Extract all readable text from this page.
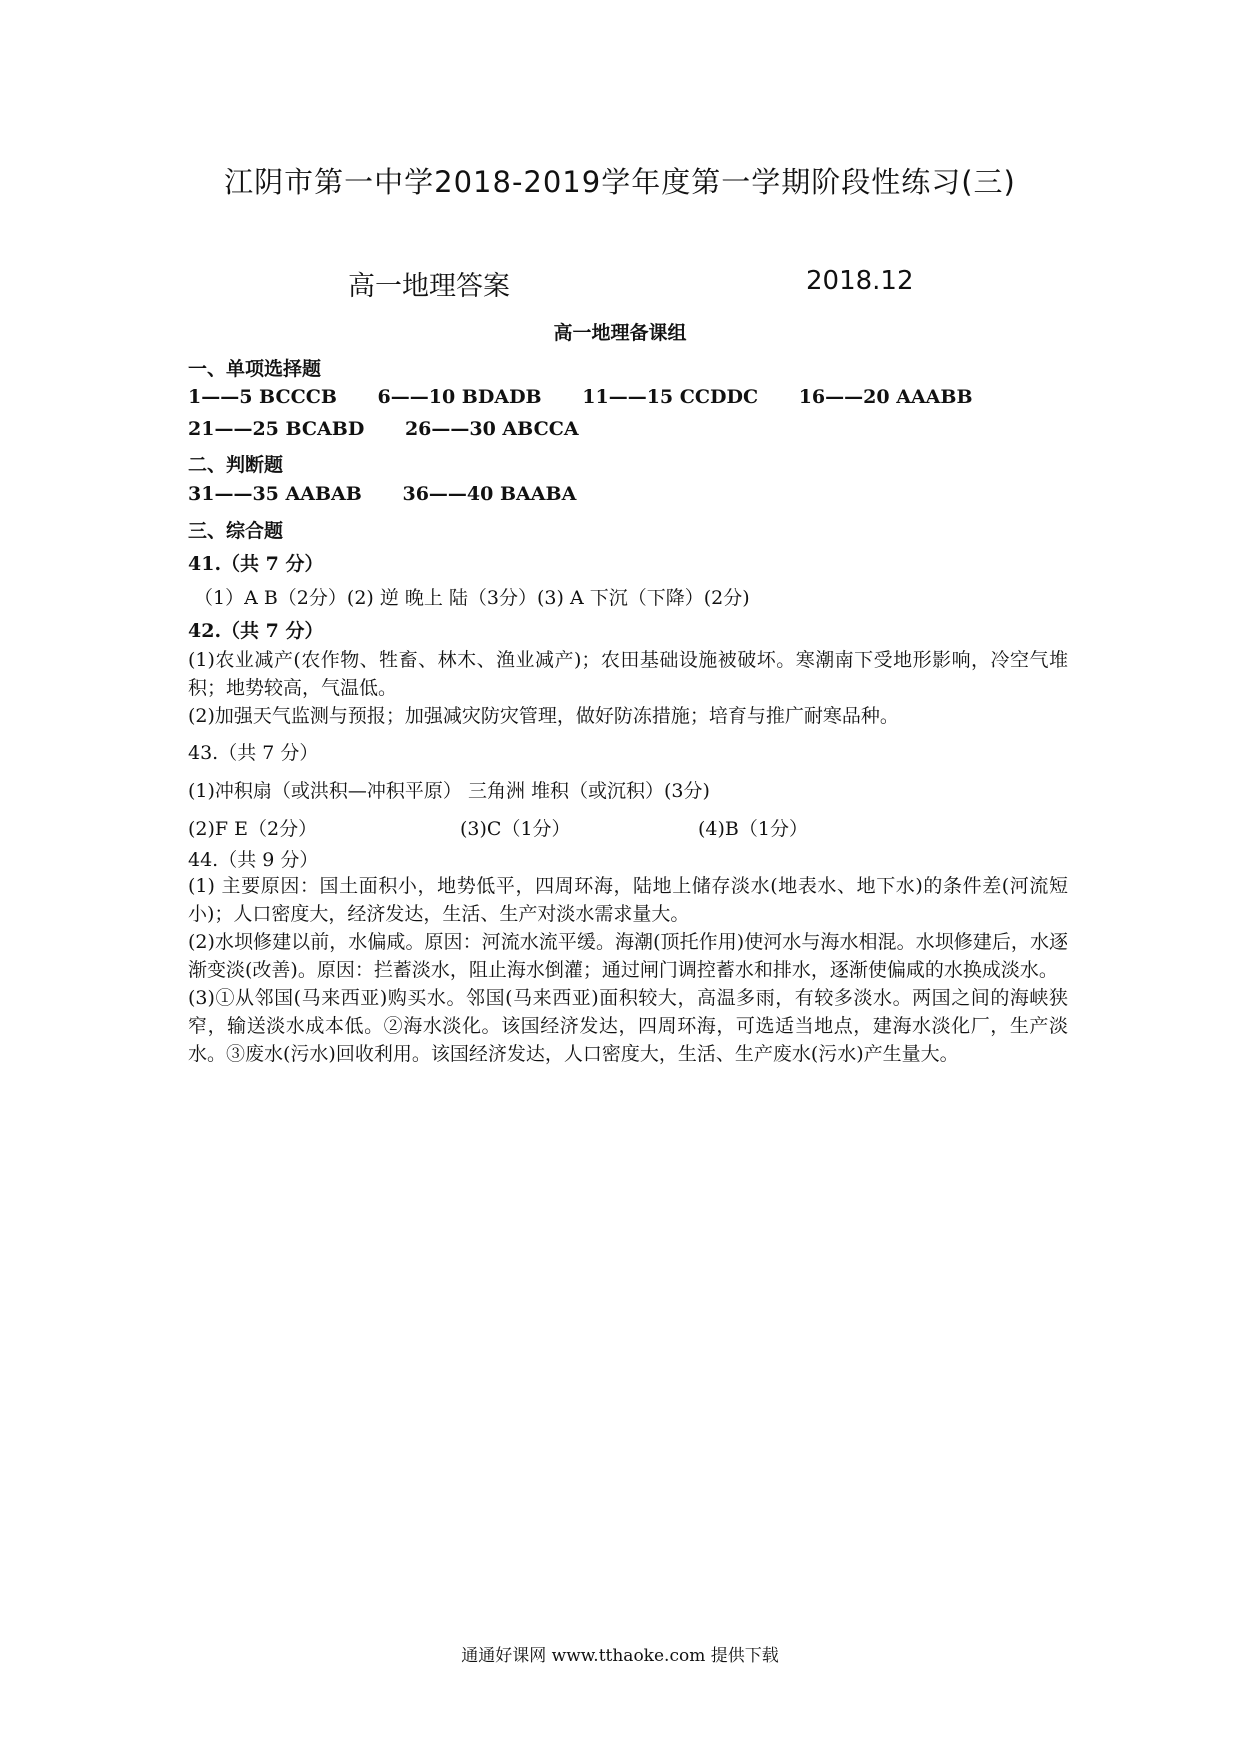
江阴市第一中学2018-2019学年度第一学期阶段性练习(三)
高一地理答案	2018.12
高一地理备课组
一、单项选择题
1——5 BCCCB 6——10 BDADB 11——15 CCDDC 16——20 AAABB
21——25 BCABD 26——30 ABCCA
二、判断题
31——35 AABAB 36——40 BAABA
三、综合题
41.（共 7 分）
（1）A B（2分）(2) 逆 晚上 陆（3分）(3) A 下沉（下降）(2分)
42.（共 7 分）

(1)农业减产(农作物、牲畜、林木、渔业减产)；农田基础设施被破坏。寒潮南下受地形影响，冷空气堆积；地势较高，气温低。

(2)加强天气监测与预报；加强减灾防灾管理，做好防冻措施；培育与推广耐寒品种。

43.（共 7 分）
(1)冲积扇（或洪积—冲积平原） 三角洲 堆积（或沉积）(3分)
(2)F E（2分）	(3)C（1分）	(4)B（1分）
44.（共 9 分）

(1) 主要原因：国土面积小，地势低平，四周环海，陆地上储存淡水(地表水、地下水)的条件差(河流短小)；人口密度大，经济发达，生活、生产对淡水需求量大。

(2)水坝修建以前，水偏咸。原因：河流水流平缓。海潮(顶托作用)使河水与海水相混。水坝修建后，水逐渐变淡(改善)。原因：拦蓄淡水，阻止海水倒灌；通过闸门调控蓄水和排水，逐渐使偏咸的水换成淡水。

(3)①从邻国(马来西亚)购买水。邻国(马来西亚)面积较大，高温多雨，有较多淡水。两国之间的海峡狭窄，输送淡水成本低。②海水淡化。该国经济发达，四周环海，可选适当地点，建海水淡化厂，生产淡水。③废水(污水)回收利用。该国经济发达，人口密度大，生活、生产废水(污水)产生量大。

通通好课网 www.tthaoke.com 提供下载
